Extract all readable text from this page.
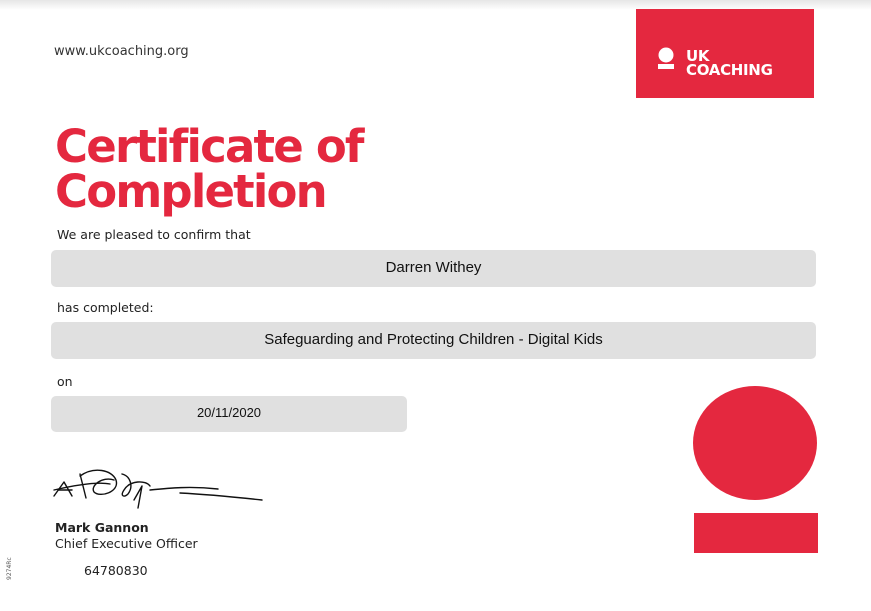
www.ukcoaching.org	UK
COACHING
Certificate of
Completion
We are pleased to confirm that
Darren Withey
has completed:
Safeguarding and Protecting Children - Digital Kids
on
20/11/2020
Mark Gannon
Chief Executive Officer
64780830
9274Rc
